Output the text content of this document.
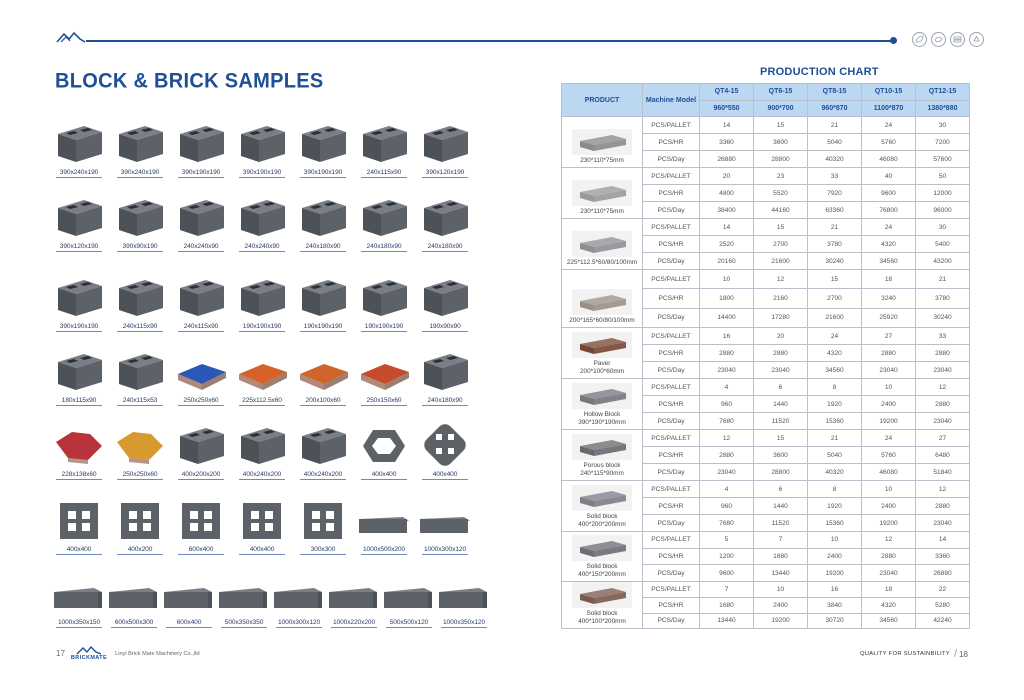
BLOCK & BRICK SAMPLES
390x240x190	390x240x190	390x190x190	390x190x190	390x190x190	240x115x90	390x120x190
390x120x190	390x90x190	240x240x90	240x240x90	240x180x90	240x180x90	240x180x90
390x190x190	240x115x90	240x115x90	190x190x190	190x190x190	190x190x190	190x90x90
180x115x90	240x115x53	250x250x60	225x112.5x60	200x100x60	250x150x60	240x180x90
228x138x60	250x250x60	400x200x200	400x240x200	400x240x200	400x400	400x400
400x400	400x200	600x400	400x400	300x300	1000x500x200	1000x300x120
1000x350x150	600x500x300	600x400	500x350x350	1000x300x120	1000x220x200	500x500x120	1000x350x120
PRODUCTION CHART
PRODUCT	Machine Model	QT4-15	QT6-15	QT8-15	QT10-15	QT12-15
		960*550	900*700	960*870	1100*870	1380*880

230*110*75mm	PCS/PALLET	14	15	21	24	30
	PCS/HR	3360	3600	5040	5760	7200
	PCS/Day	26880	28800	40320	46080	57600

230*110*75mm	PCS/PALLET	20	23	33	40	50
	PCS/HR	4800	5520	7920	9600	12000
	PCS/Day	38400	44160	63360	76800	96000

225*112.5*60/80/100mm	PCS/PALLET	14	15	21	24	30
	PCS/HR	2520	2700	3780	4320	5400
	PCS/Day	20160	21600	30240	34560	43200

200*165*60/80/100mm	PCS/PALLET	10	12	15	18	21
	PCS/HR	1800	2160	2700	3240	3780
	PCS/Day	14400	17280	21600	25920	30240

Paver
200*100*60mm	PCS/PALLET	16	20	24	27	33
	PCS/HR	2880	2880	4320	2880	2880
	PCS/Day	23040	23040	34560	23040	23040

Hollow Block
390*190*190mm	PCS/PALLET	4	6	8	10	12
	PCS/HR	960	1440	1920	2400	2880
	PCS/Day	7680	11520	15360	19200	23040

Porous block
240*115*90mm	PCS/PALLET	12	15	21	24	27
	PCS/HR	2880	3600	5040	5760	6480
	PCS/Day	23040	28800	40320	46080	51840

Solid block
400*200*200mm	PCS/PALLET	4	6	8	10	12
	PCS/HR	960	1440	1920	2400	2880
	PCS/Day	7680	11520	15360	19200	23040

Solid block
400*150*200mm	PCS/PALLET	5	7	10	12	14
	PCS/HR	1200	1680	2400	2880	3360
	PCS/Day	9600	13440	19200	23040	26880

Solid block
400*100*200mm	PCS/PALLET	7	10	16	18	22
	PCS/HR	1680	2400	3840	4320	5280
	PCS/Day	13440	19200	30720	34560	42240
17 BRICKMATE
Linyi Brick Mate Machinery Co.,ltd	QUALITY FOR SUSTAINBILITY / 18
